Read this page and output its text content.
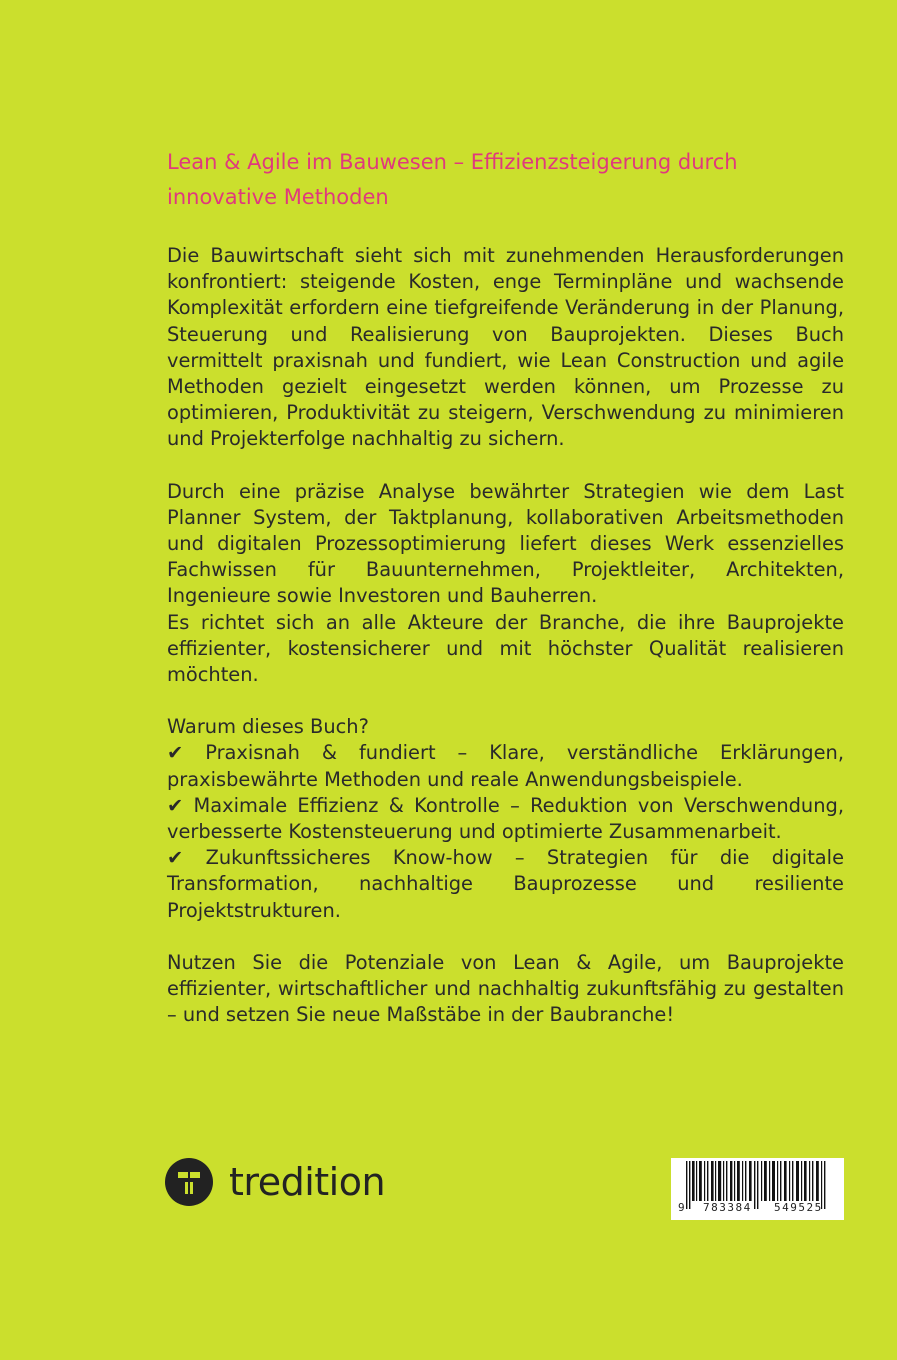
Lean & Agile im Bauwesen – Effizienzsteigerung durch innovative Methoden

Die Bauwirtschaft sieht sich mit zunehmenden Herausforderungen konfrontiert: steigende Kosten, enge Terminpläne und wachsende Komplexität erfordern eine tiefgreifende Veränderung in der Planung, Steuerung und Realisierung von Bauprojekten. Dieses Buch vermittelt praxisnah und fundiert, wie Lean Construction und agile Methoden gezielt eingesetzt werden können, um Prozesse zu optimieren, Produktivität zu steigern, Verschwendung zu minimieren und Projekterfolge nachhaltig zu sichern.

Durch eine präzise Analyse bewährter Strategien wie dem Last Planner System, der Taktplanung, kollaborativen Arbeitsmethoden und digitalen Prozessoptimierung liefert dieses Werk essenzielles Fachwissen für Bauunternehmen, Projektleiter, Architekten, Ingenieure sowie Investoren und Bauherren.

Es richtet sich an alle Akteure der Branche, die ihre Bauprojekte effizienter, kostensicherer und mit höchster Qualität realisieren möchten.

Warum dieses Buch?

✔ Praxisnah & fundiert – Klare, verständliche Erklärungen, praxisbewährte Methoden und reale Anwendungsbeispiele.

✔ Maximale Effizienz & Kontrolle – Reduktion von Verschwendung, verbesserte Kostensteuerung und optimierte Zusammenarbeit.

✔ Zukunftssicheres Know-how – Strategien für die digitale Transformation, nachhaltige Bauprozesse und resiliente Projektstrukturen.

Nutzen Sie die Potenziale von Lean & Agile, um Bauprojekte effizienter, wirtschaftlicher und nachhaltig zukunftsfähig zu gestalten – und setzen Sie neue Maßstäbe in der Baubranche!

tredition
9 783384 549525
